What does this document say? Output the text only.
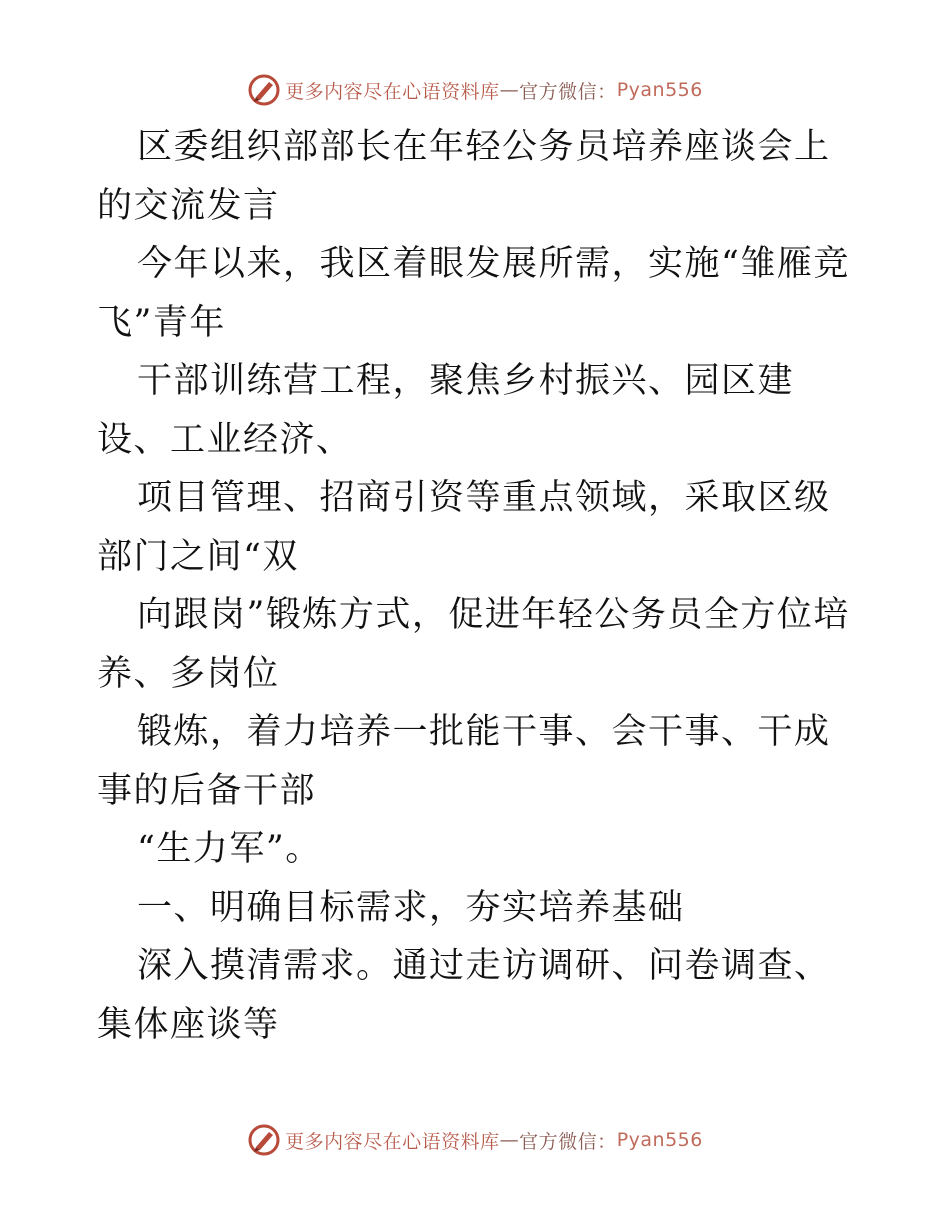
更多内容尽在心语资料库 — 官方微信： Pyan556

区委组织部部长在年轻公务员培养座谈会上的交流发言

今年以来，我区着眼发展所需，实施“雏雁竞飞”青年

干部训练营工程，聚焦乡村振兴、园区建设、工业经济、

项目管理、招商引资等重点领域，采取区级部门之间“双

向跟岗”锻炼方式，促进年轻公务员全方位培养、多岗位

锻炼，着力培养一批能干事、会干事、干成事的后备干部

“生力军”。

一、明确目标需求，夯实培养基础

深入摸清需求。通过走访调研、问卷调查、集体座谈等

更多内容尽在心语资料库 — 官方微信： Pyan556
